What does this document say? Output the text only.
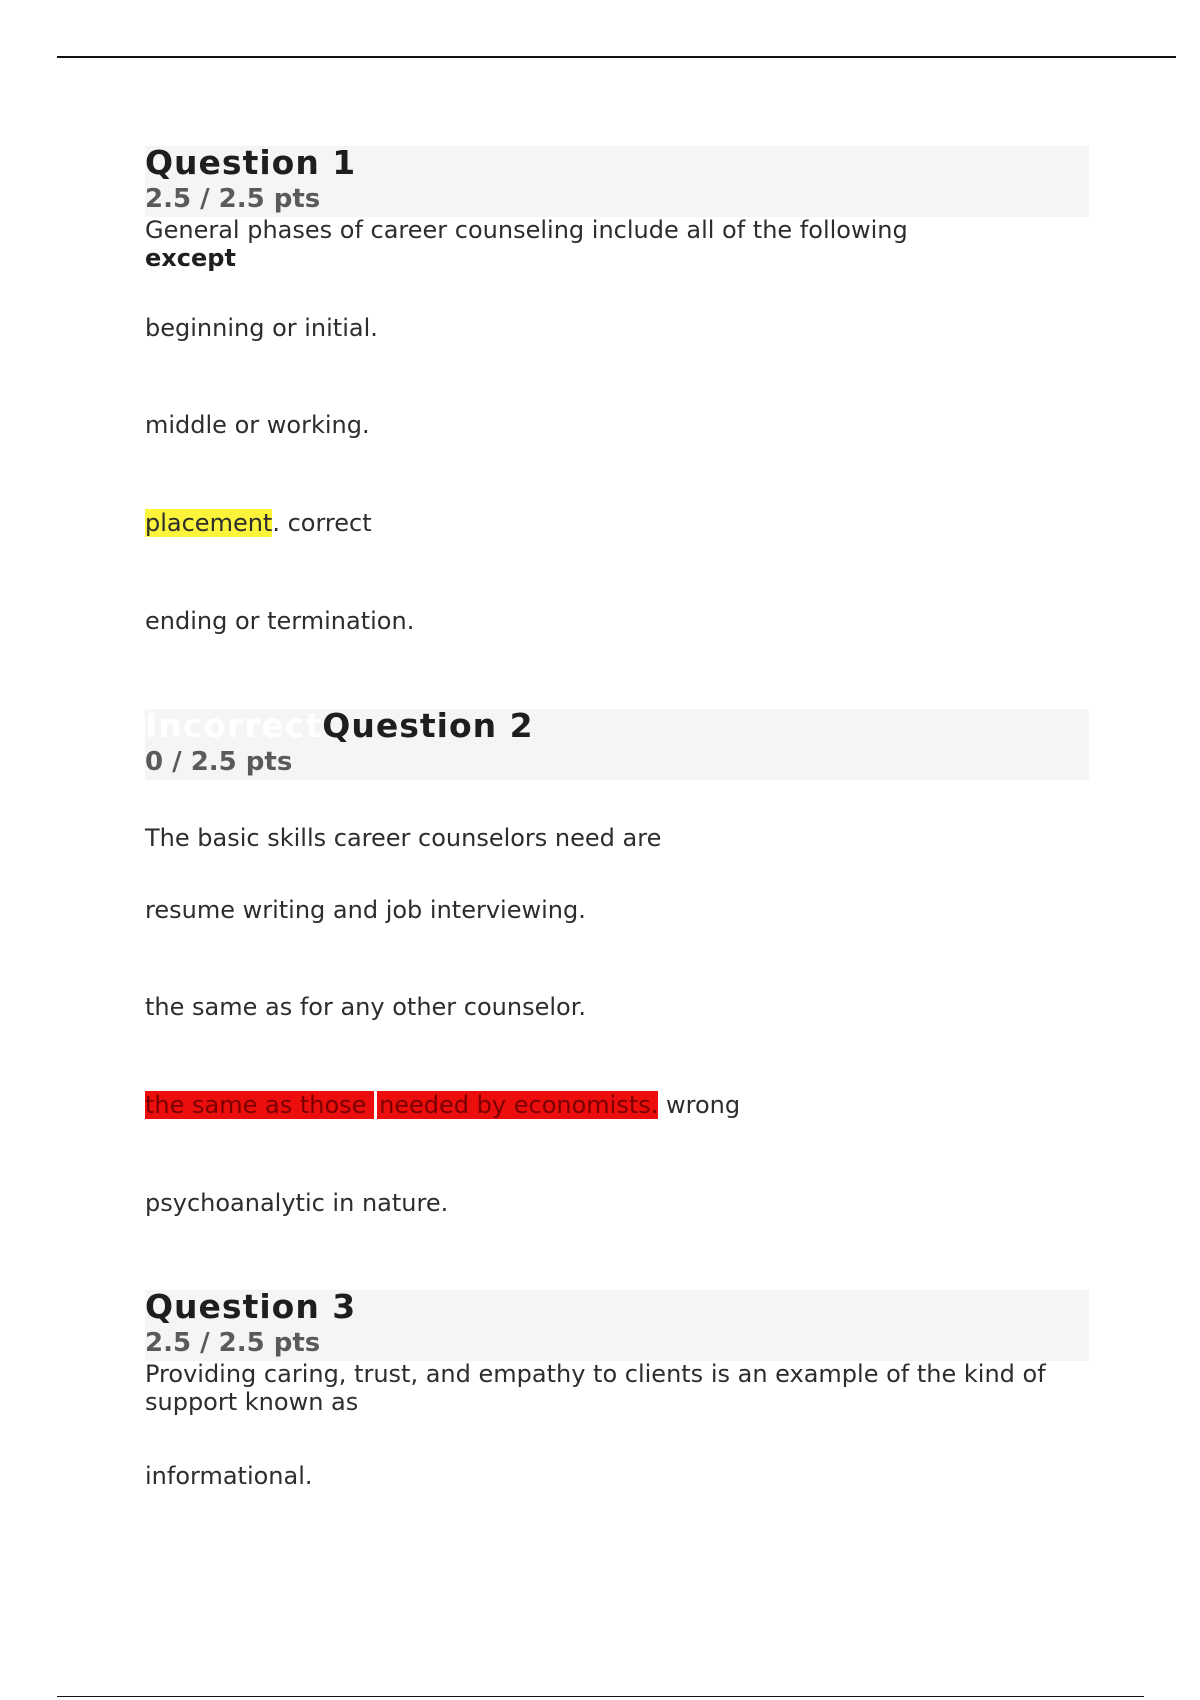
Question 1
2.5 / 2.5 pts
General phases of career counseling include all of the following
except
beginning or initial.
middle or working.
placement. correct
ending or termination.
IncorrectQuestion 2
0 / 2.5 pts
The basic skills career counselors need are
resume writing and job interviewing.
the same as for any other counselor.
the same as those needed by economists. wrong
psychoanalytic in nature.
Question 3
2.5 / 2.5 pts
Providing caring, trust, and empathy to clients is an example of the kind of support known as
informational.
